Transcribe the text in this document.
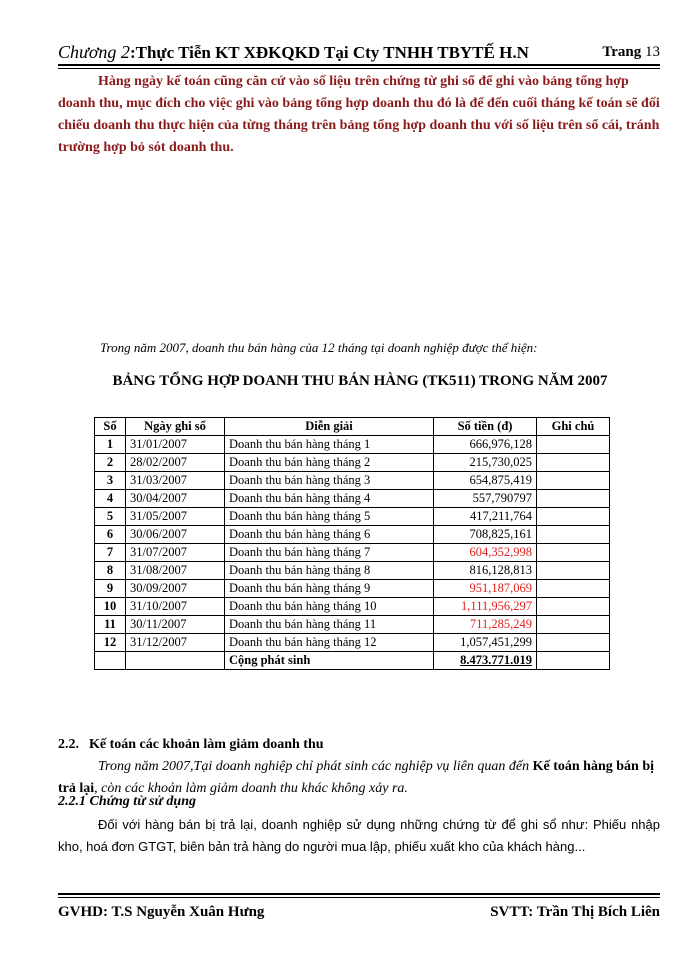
Chương 2:Thực Tiễn KT XĐKQKD Tại Cty TNHH TBYTẾ H.N	Trang 13

Hàng ngày kế toán cũng căn cứ vào số liệu trên chứng từ ghi sổ để ghi vào bảng tổng hợp doanh thu, mục đích cho việc ghi vào bảng tổng hợp doanh thu đó là để đến cuối tháng kế toán sẽ đối chiếu doanh thu thực hiện của từng tháng trên bảng tổng hợp doanh thu với số liệu trên sổ cái, tránh trường hợp bỏ sót doanh thu.

Trong năm 2007, doanh thu bán hàng của 12 tháng tại doanh nghiệp được thể hiện:

BẢNG TỔNG HỢP DOANH THU BÁN HÀNG (TK511) TRONG NĂM 2007

Số	Ngày ghi sổ	Diễn giải	Số tiền (đ)	Ghi chú
1	31/01/2007	Doanh thu bán hàng tháng 1	666,976,128	
2	28/02/2007	Doanh thu bán hàng tháng 2	215,730,025	
3	31/03/2007	Doanh thu bán hàng tháng 3	654,875,419	
4	30/04/2007	Doanh thu bán hàng tháng 4	557,790797	
5	31/05/2007	Doanh thu bán hàng tháng 5	417,211,764	
6	30/06/2007	Doanh thu bán hàng tháng 6	708,825,161	
7	31/07/2007	Doanh thu bán hàng tháng 7	604,352,998	
8	31/08/2007	Doanh thu bán hàng tháng 8	816,128,813	
9	30/09/2007	Doanh thu bán hàng tháng 9	951,187,069	
10	31/10/2007	Doanh thu bán hàng tháng 10	1,111,956,297	
11	30/11/2007	Doanh thu bán hàng tháng 11	711,285,249	
12	31/12/2007	Doanh thu bán hàng tháng 12	1,057,451,299	
		Cộng phát sinh	8.473.771.019	

2.2. Kế toán các khoản làm giảm doanh thu

Trong năm 2007,Tại doanh nghiệp chỉ phát sinh các nghiệp vụ liên quan đến Kế toán hàng bán bị trả lại, còn các khoản làm giảm doanh thu khác không xảy ra.

2.2.1 Chứng từ sử dụng

Đối với hàng bán bị trả lại, doanh nghiệp sử dụng những chứng từ để ghi sổ như: Phiếu nhập kho, hoá đơn GTGT, biên bản trả hàng do người mua lập, phiếu xuất kho của khách hàng...

GVHD: T.S Nguyễn Xuân Hưng	SVTT: Trần Thị Bích Liên
